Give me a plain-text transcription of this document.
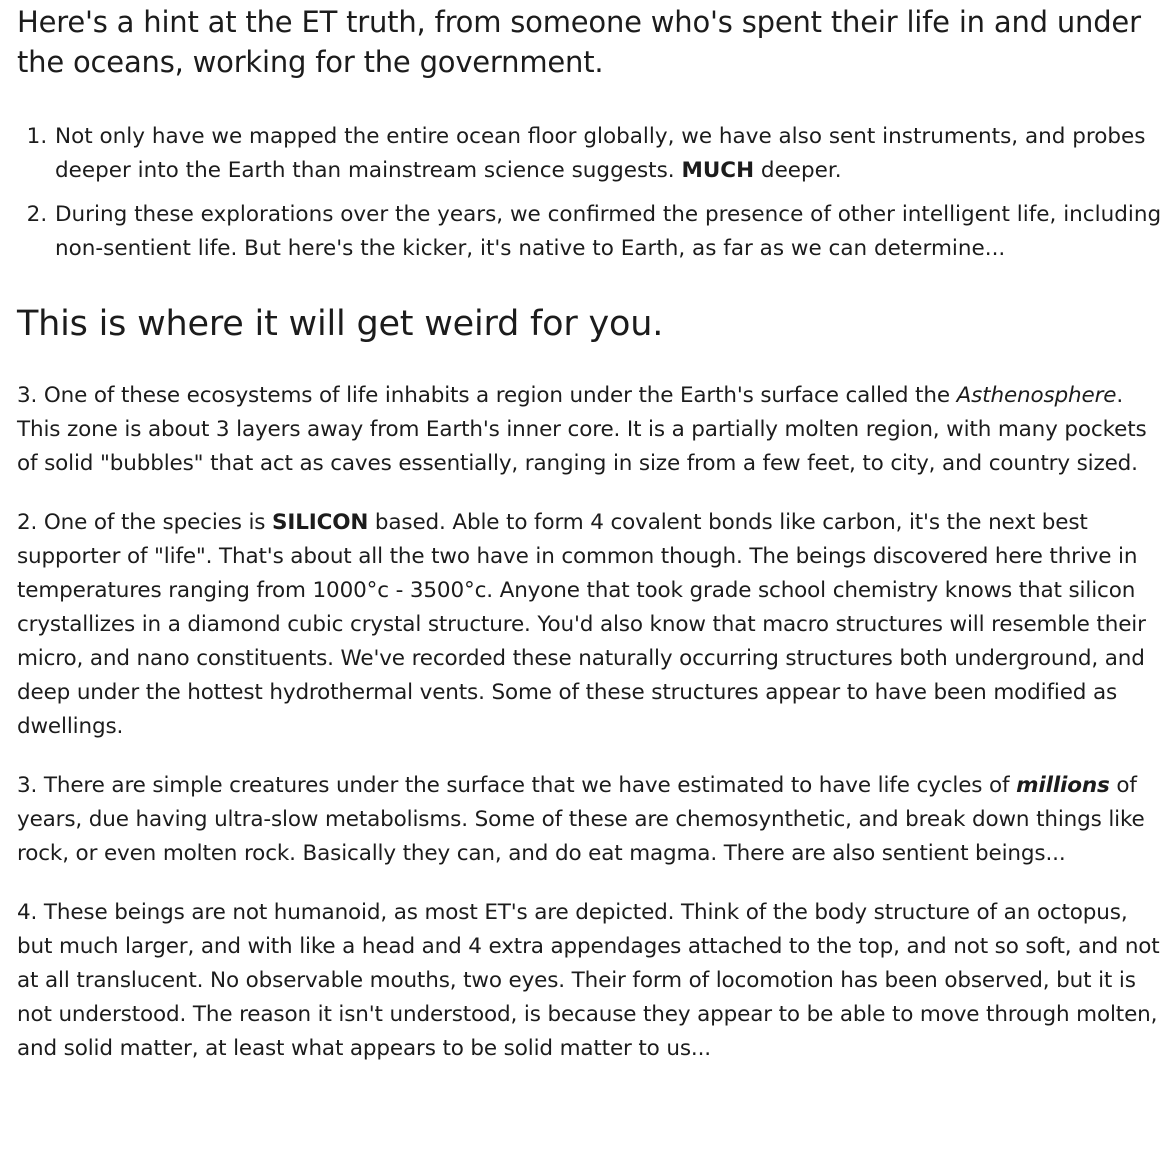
Here's a hint at the ET truth, from someone who's spent their life in and under the oceans, working for the government.
1. Not only have we mapped the entire ocean floor globally, we have also sent instruments, and probes deeper into the Earth than mainstream science suggests. MUCH deeper.
2. During these explorations over the years, we confirmed the presence of other intelligent life, including non-sentient life. But here's the kicker, it's native to Earth, as far as we can determine...
This is where it will get weird for you.

3. One of these ecosystems of life inhabits a region under the Earth's surface called the Asthenosphere. This zone is about 3 layers away from Earth's inner core. It is a partially molten region, with many pockets of solid "bubbles" that act as caves essentially, ranging in size from a few feet, to city, and country sized.

2. One of the species is SILICON based. Able to form 4 covalent bonds like carbon, it's the next best supporter of "life". That's about all the two have in common though. The beings discovered here thrive in temperatures ranging from 1000°c - 3500°c. Anyone that took grade school chemistry knows that silicon crystallizes in a diamond cubic crystal structure. You'd also know that macro structures will resemble their micro, and nano constituents. We've recorded these naturally occurring structures both underground, and deep under the hottest hydrothermal vents. Some of these structures appear to have been modified as dwellings.

3. There are simple creatures under the surface that we have estimated to have life cycles of millions of years, due having ultra-slow metabolisms. Some of these are chemosynthetic, and break down things like rock, or even molten rock. Basically they can, and do eat magma. There are also sentient beings...

4. These beings are not humanoid, as most ET's are depicted. Think of the body structure of an octopus, but much larger, and with like a head and 4 extra appendages attached to the top, and not so soft, and not at all translucent. No observable mouths, two eyes. Their form of locomotion has been observed, but it is not understood. The reason it isn't understood, is because they appear to be able to move through molten, and solid matter, at least what appears to be solid matter to us...
